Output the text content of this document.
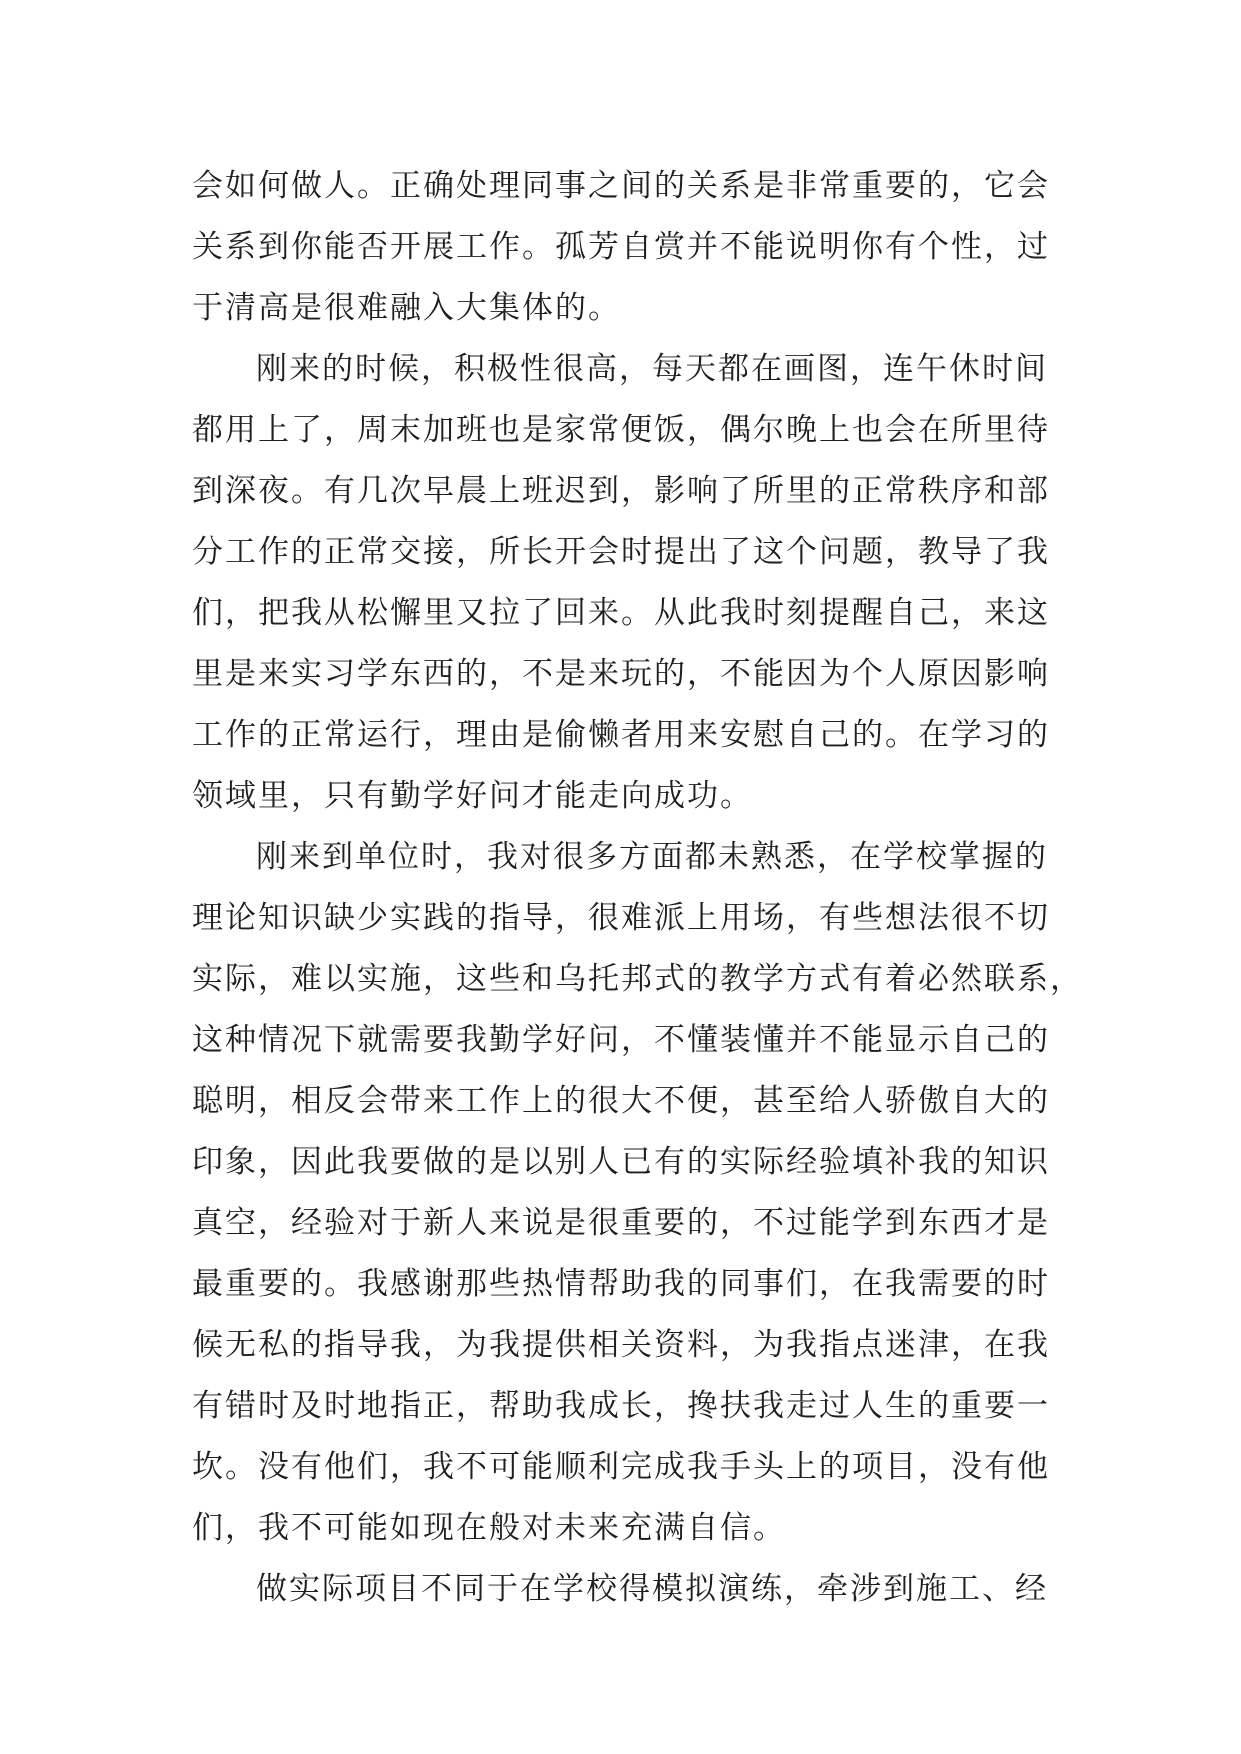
会如何做人。正确处理同事之间的关系是非常重要的，它会
关系到你能否开展工作。孤芳自赏并不能说明你有个性，过
于清高是很难融入大集体的。
刚来的时候，积极性很高，每天都在画图，连午休时间
都用上了，周末加班也是家常便饭，偶尔晚上也会在所里待
到深夜。有几次早晨上班迟到，影响了所里的正常秩序和部
分工作的正常交接，所长开会时提出了这个问题，教导了我
们，把我从松懈里又拉了回来。从此我时刻提醒自己，来这
里是来实习学东西的，不是来玩的，不能因为个人原因影响
工作的正常运行，理由是偷懒者用来安慰自己的。在学习的
领域里，只有勤学好问才能走向成功。
刚来到单位时，我对很多方面都未熟悉，在学校掌握的
理论知识缺少实践的指导，很难派上用场，有些想法很不切
实际，难以实施，这些和乌托邦式的教学方式有着必然联系，
这种情况下就需要我勤学好问，不懂装懂并不能显示自己的
聪明，相反会带来工作上的很大不便，甚至给人骄傲自大的
印象，因此我要做的是以别人已有的实际经验填补我的知识
真空，经验对于新人来说是很重要的，不过能学到东西才是
最重要的。我感谢那些热情帮助我的同事们，在我需要的时
候无私的指导我，为我提供相关资料，为我指点迷津，在我
有错时及时地指正，帮助我成长，搀扶我走过人生的重要一
坎。没有他们，我不可能顺利完成我手头上的项目，没有他
们，我不可能如现在般对未来充满自信。
做实际项目不同于在学校得模拟演练，牵涉到施工、经
